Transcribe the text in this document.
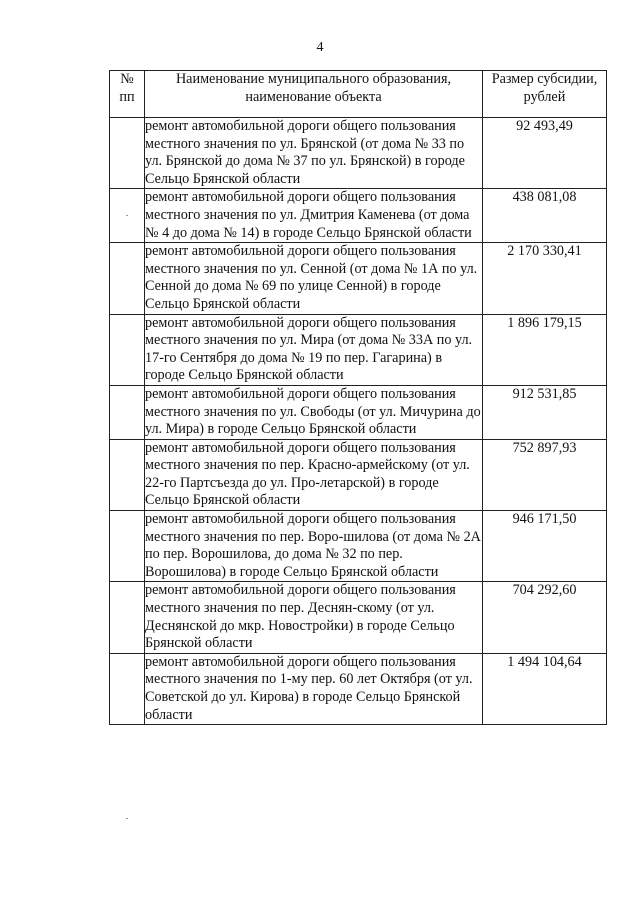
4
№ пп	Наименование муниципального образования, наименование объекта	Размер субсидии, рублей
	ремонт автомобильной дороги общего пользования местного значения по ул. Брянской (от дома № 33 по ул. Брянской до дома № 37 по ул. Брянской) в городе Сельцо Брянской области	92 493,49
	ремонт автомобильной дороги общего пользования местного значения по ул. Дмитрия Каменева (от дома № 4 до дома № 14) в городе Сельцо Брянской области	438 081,08
	ремонт автомобильной дороги общего пользования местного значения по ул. Сенной (от дома № 1А по ул. Сенной до дома № 69 по улице Сенной) в городе Сельцо Брянской области	2 170 330,41
	ремонт автомобильной дороги общего пользования местного значения по ул. Мира (от дома № 33А по ул. 17-го Сентября до дома № 19 по пер. Гагарина) в городе Сельцо Брянской области	1 896 179,15
	ремонт автомобильной дороги общего пользования местного значения по ул. Свободы (от ул. Мичурина до ул. Мира) в городе Сельцо Брянской области	912 531,85
	ремонт автомобильной дороги общего пользования местного значения по пер. Красно-армейскому (от ул. 22-го Партсъезда до ул. Про-летарской) в городе Сельцо Брянской области	752 897,93
	ремонт автомобильной дороги общего пользования местного значения по пер. Воро-шилова (от дома № 2А по пер. Ворошилова, до дома № 32 по пер. Ворошилова) в городе Сельцо Брянской области	946 171,50
	ремонт автомобильной дороги общего пользования местного значения по пер. Деснян-скому (от ул. Деснянской до мкр. Новостройки) в городе Сельцо Брянской области	704 292,60
	ремонт автомобильной дороги общего пользования местного значения по 1-му пер. 60 лет Октября (от ул. Советской до ул. Кирова) в городе Сельцо Брянской области	1 494 104,64
